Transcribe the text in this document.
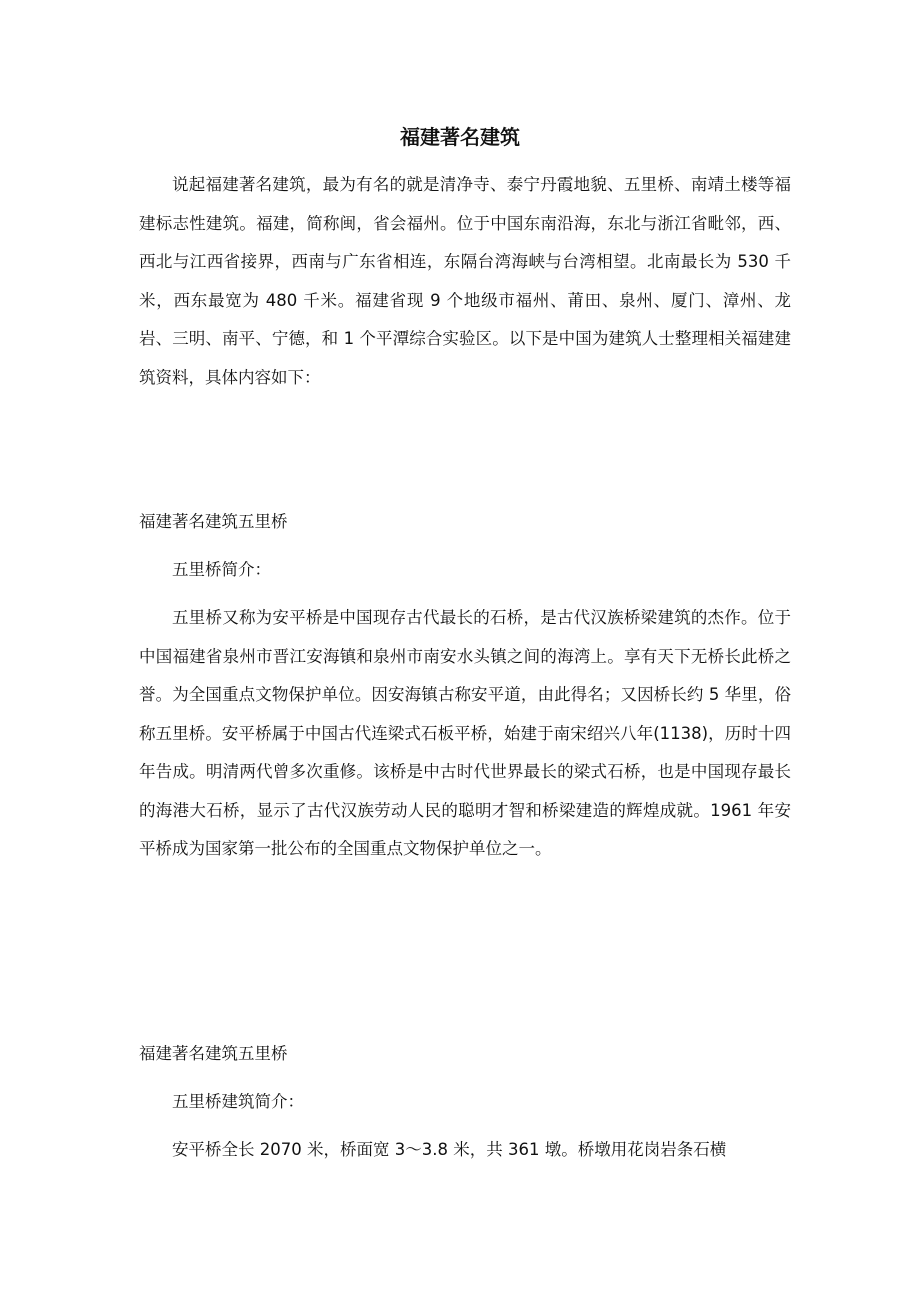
福建著名建筑

说起福建著名建筑，最为有名的就是清净寺、泰宁丹霞地貌、五里桥、南靖土楼等福建标志性建筑。福建，简称闽，省会福州。位于中国东南沿海，东北与浙江省毗邻，西、西北与江西省接界，西南与广东省相连，东隔台湾海峡与台湾相望。北南最长为 530 千米，西东最宽为 480 千米。福建省现 9 个地级市福州、莆田、泉州、厦门、漳州、龙岩、三明、南平、宁德，和 1 个平潭综合实验区。以下是中国为建筑人士整理相关福建建筑资料，具体内容如下：

福建著名建筑五里桥

五里桥简介：

五里桥又称为安平桥是中国现存古代最长的石桥，是古代汉族桥梁建筑的杰作。位于中国福建省泉州市晋江安海镇和泉州市南安水头镇之间的海湾上。享有天下无桥长此桥之誉。为全国重点文物保护单位。因安海镇古称安平道，由此得名；又因桥长约 5 华里，俗称五里桥。安平桥属于中国古代连梁式石板平桥，始建于南宋绍兴八年(1138)，历时十四年告成。明清两代曾多次重修。该桥是中古时代世界最长的梁式石桥，也是中国现存最长的海港大石桥，显示了古代汉族劳动人民的聪明才智和桥梁建造的辉煌成就。1961 年安平桥成为国家第一批公布的全国重点文物保护单位之一。

福建著名建筑五里桥

五里桥建筑简介：

安平桥全长 2070 米，桥面宽 3～3.8 米，共 361 墩。桥墩用花岗岩条石横
